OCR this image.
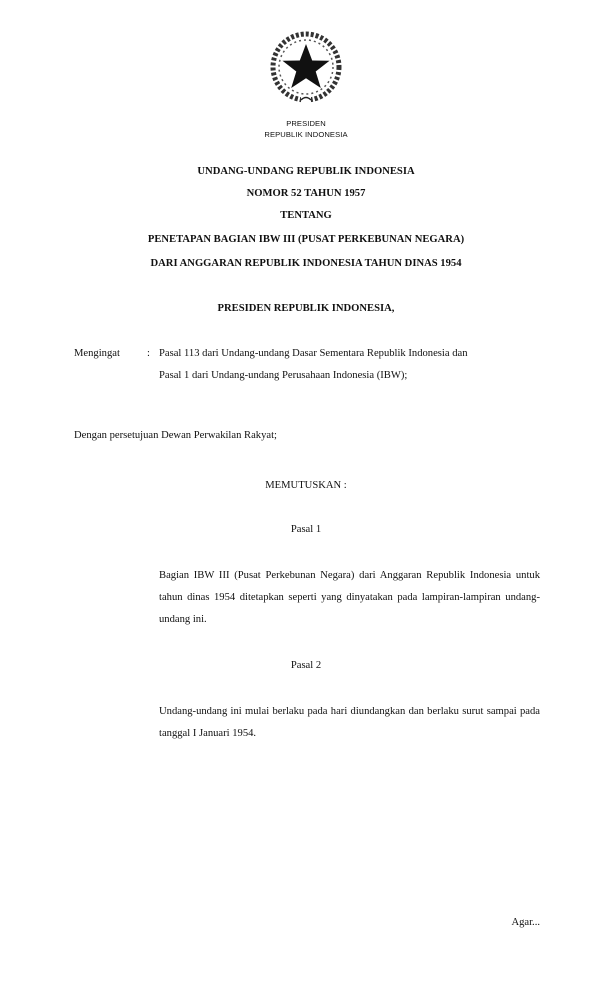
PRESIDEN
REPUBLIK INDONESIA
UNDANG-UNDANG REPUBLIK INDONESIA
NOMOR 52 TAHUN 1957
TENTANG
PENETAPAN BAGIAN IBW III (PUSAT PERKEBUNAN NEGARA)
DARI ANGGARAN REPUBLIK INDONESIA TAHUN DINAS 1954
PRESIDEN REPUBLIK INDONESIA,
Mengingat	: Pasal 113 dari Undang-undang Dasar Sementara Republik Indonesia dan
Pasal 1 dari Undang-undang Perusahaan Indonesia (IBW);
Dengan persetujuan Dewan Perwakilan Rakyat;
MEMUTUSKAN :
Pasal 1
Bagian IBW III (Pusat Perkebunan Negara) dari Anggaran Republik Indonesia untuk tahun dinas 1954 ditetapkan seperti yang dinyatakan pada lampiran-lampiran undang-undang ini.
Pasal 2
Undang-undang ini mulai berlaku pada hari diundangkan dan berlaku surut sampai pada tanggal I Januari 1954.
Agar...
